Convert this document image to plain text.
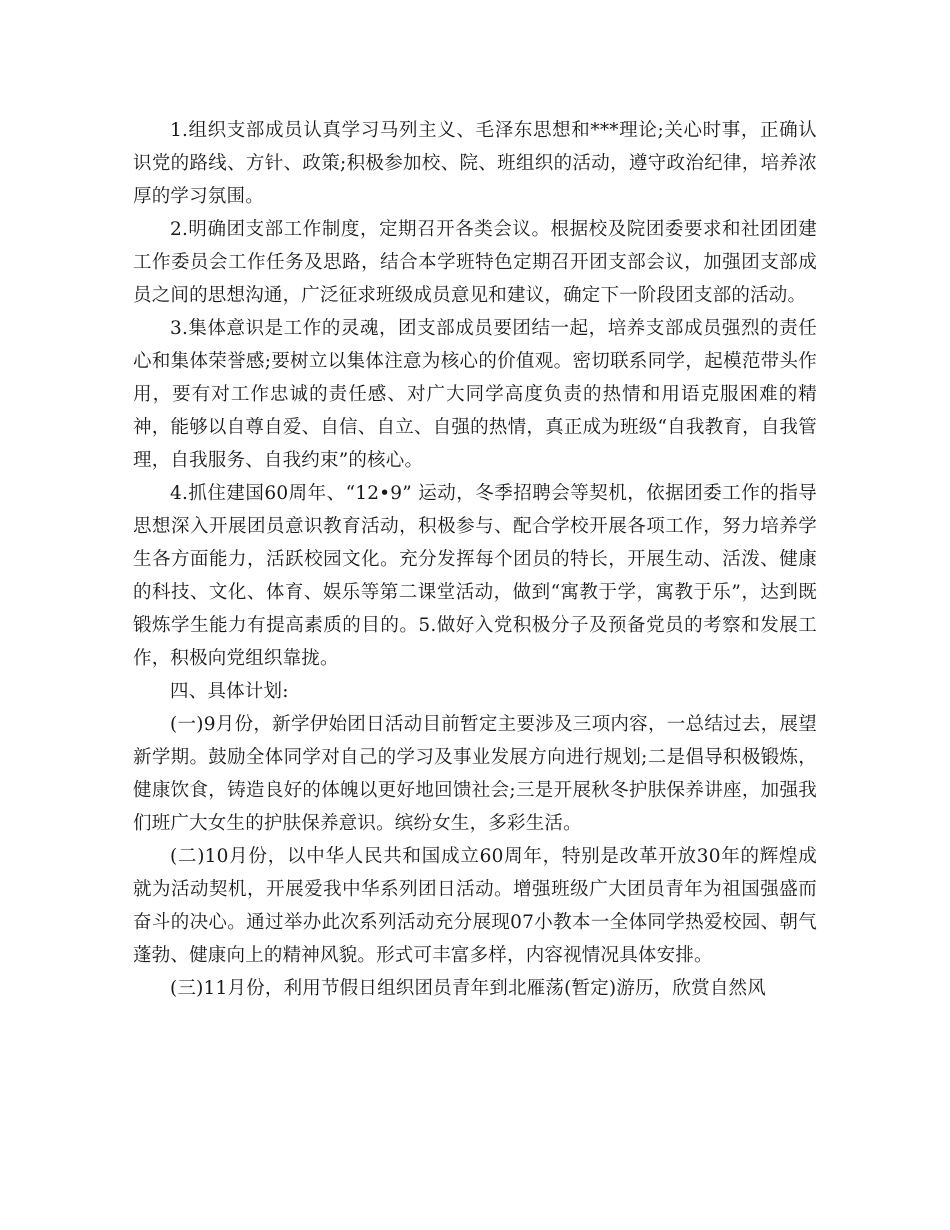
1.组织支部成员认真学习马列主义、毛泽东思想和***理论;关心时事，正确认识党的路线、方针、政策;积极参加校、院、班组织的活动，遵守政治纪律，培养浓厚的学习氛围。

2.明确团支部工作制度，定期召开各类会议。根据校及院团委要求和社团团建工作委员会工作任务及思路，结合本学班特色定期召开团支部会议，加强团支部成员之间的思想沟通，广泛征求班级成员意见和建议，确定下一阶段团支部的活动。

3.集体意识是工作的灵魂，团支部成员要团结一起，培养支部成员强烈的责任心和集体荣誉感;要树立以集体注意为核心的价值观。密切联系同学，起模范带头作用，要有对工作忠诚的责任感、对广大同学高度负责的热情和用语克服困难的精神，能够以自尊自爱、自信、自立、自强的热情，真正成为班级“自我教育，自我管理，自我服务、自我约束”的核心。

4.抓住建国60周年、“12•9” 运动，冬季招聘会等契机，依据团委工作的指导思想深入开展团员意识教育活动，积极参与、配合学校开展各项工作，努力培养学生各方面能力，活跃校园文化。充分发挥每个团员的特长，开展生动、活泼、健康的科技、文化、体育、娱乐等第二课堂活动，做到“寓教于学，寓教于乐”，达到既锻炼学生能力有提高素质的目的。5.做好入党积极分子及预备党员的考察和发展工作，积极向党组织靠拢。

四、具体计划:

(一)9月份，新学伊始团日活动目前暂定主要涉及三项内容，一总结过去，展望新学期。鼓励全体同学对自己的学习及事业发展方向进行规划;二是倡导积极锻炼，健康饮食，铸造良好的体魄以更好地回馈社会;三是开展秋冬护肤保养讲座，加强我们班广大女生的护肤保养意识。缤纷女生，多彩生活。

(二)10月份，以中华人民共和国成立60周年，特别是改革开放30年的辉煌成就为活动契机，开展爱我中华系列团日活动。增强班级广大团员青年为祖国强盛而奋斗的决心。通过举办此次系列活动充分展现07小教本一全体同学热爱校园、朝气蓬勃、健康向上的精神风貌。形式可丰富多样，内容视情况具体安排。

(三)11月份，利用节假日组织团员青年到北雁荡(暂定)游历，欣赏自然风
